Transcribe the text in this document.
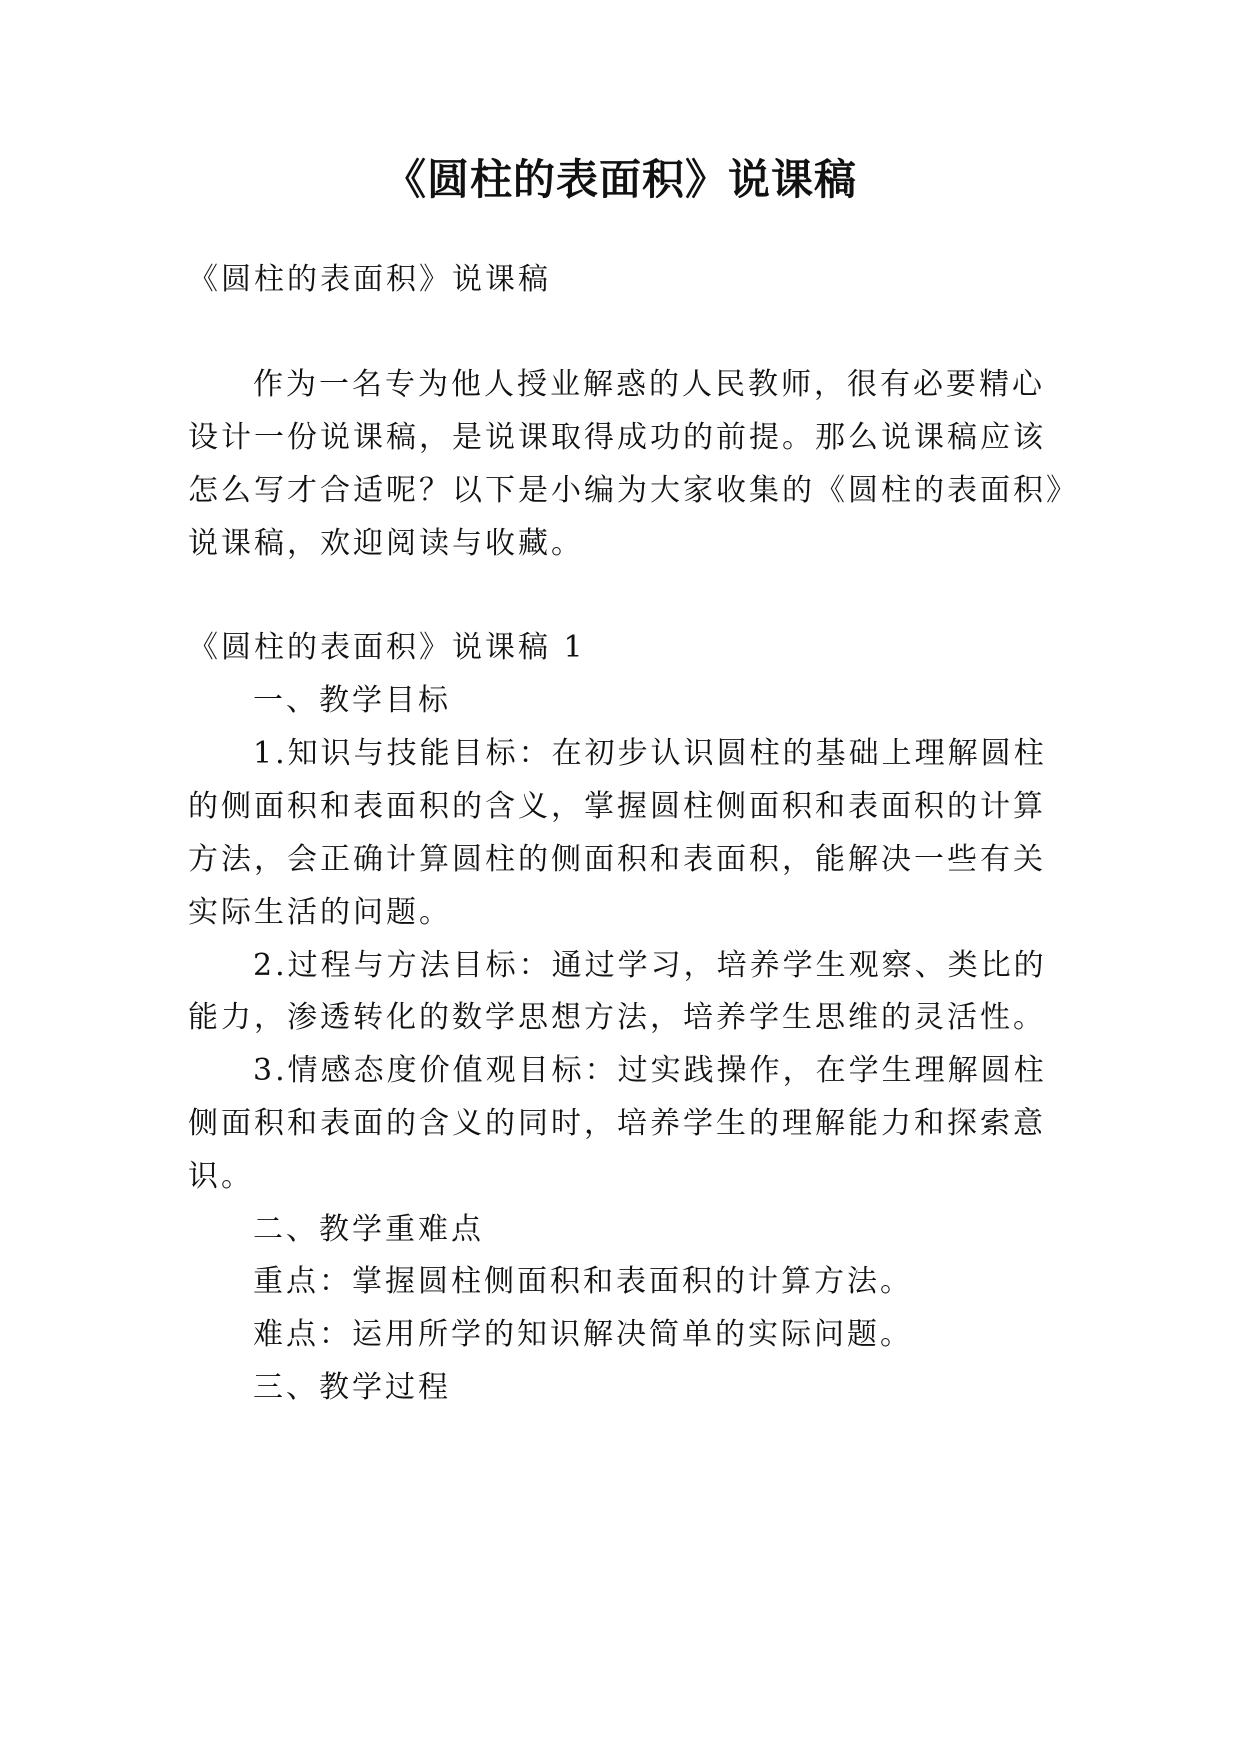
《圆柱的表面积》说课稿
《圆柱的表面积》说课稿
作为一名专为他人授业解惑的人民教师，很有必要精心
设计一份说课稿，是说课取得成功的前提。那么说课稿应该
怎么写才合适呢？以下是小编为大家收集的《圆柱的表面积》
说课稿，欢迎阅读与收藏。
《圆柱的表面积》说课稿 1
一、教学目标
1.知识与技能目标：在初步认识圆柱的基础上理解圆柱
的侧面积和表面积的含义，掌握圆柱侧面积和表面积的计算
方法，会正确计算圆柱的侧面积和表面积，能解决一些有关
实际生活的问题。
2.过程与方法目标：通过学习，培养学生观察、类比的
能力，渗透转化的数学思想方法，培养学生思维的灵活性。
3.情感态度价值观目标：过实践操作，在学生理解圆柱
侧面积和表面的含义的同时，培养学生的理解能力和探索意
识。
二、教学重难点
重点：掌握圆柱侧面积和表面积的计算方法。
难点：运用所学的知识解决简单的实际问题。
三、教学过程
